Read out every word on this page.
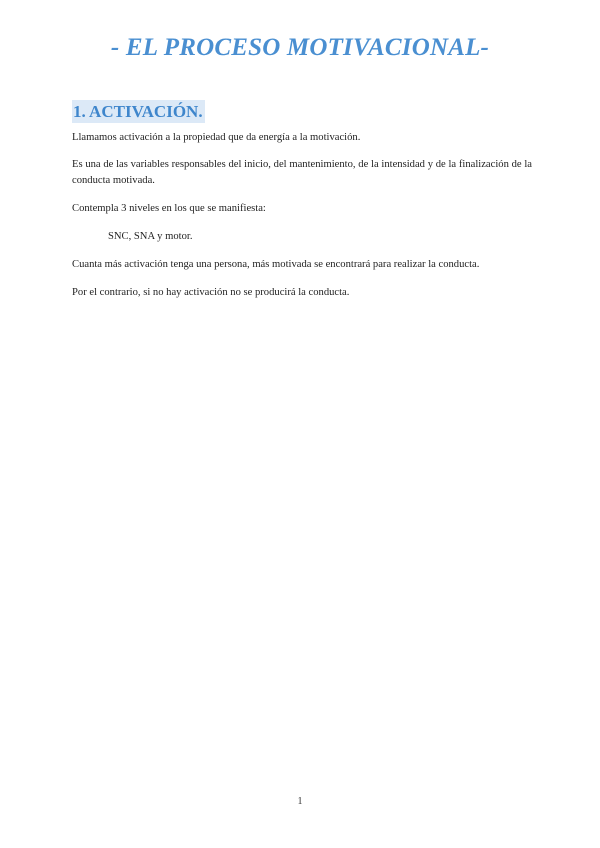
- EL PROCESO MOTIVACIONAL-
1. ACTIVACIÓN.

Llamamos activación a la propiedad que da energía a la motivación.

Es una de las variables responsables del inicio, del mantenimiento, de la intensidad y de la finalización de la conducta motivada.

Contempla 3 niveles en los que se manifiesta:

SNC, SNA y motor.

Cuanta más activación tenga una persona, más motivada se encontrará para realizar la conducta.

Por el contrario, si no hay activación no se producirá la conducta.

1
